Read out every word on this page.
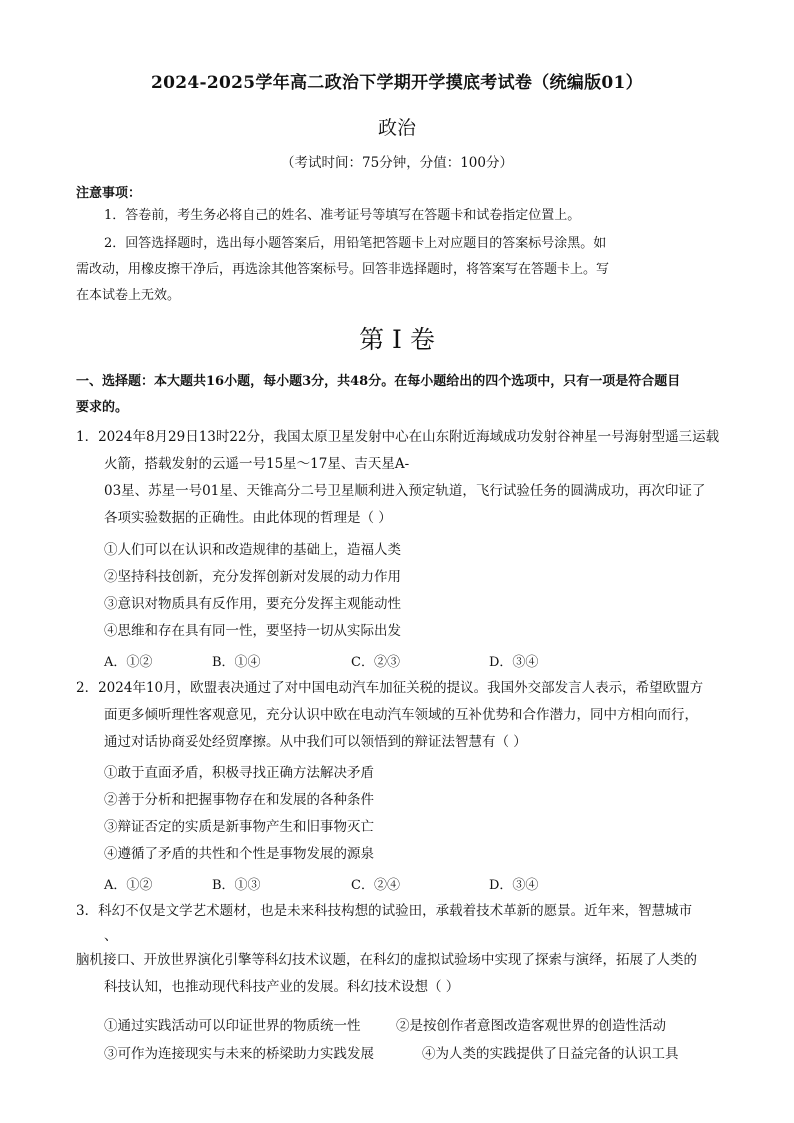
2024-2025学年高二政治下学期开学摸底考试卷（统编版01）
政治
（考试时间：75分钟，分值：100分）
注意事项：
1．答卷前，考生务必将自己的姓名、准考证号等填写在答题卡和试卷指定位置上。
2．回答选择题时，选出每小题答案后，用铅笔把答题卡上对应题目的答案标号涂黑。如
需改动，用橡皮擦干净后，再选涂其他答案标号。回答非选择题时，将答案写在答题卡上。写
在本试卷上无效。
第 I 卷
一、选择题：本大题共16小题，每小题3分，共48分。在每小题给出的四个选项中，只有一项是符合题目
要求的。
1．2024年8月29日13时22分，我国太原卫星发射中心在山东附近海域成功发射谷神星一号海射型遥三运载
火箭，搭载发射的云遥一号15星～17星、吉天星A-
03星、苏星一号01星、天锥高分二号卫星顺利进入预定轨道，飞行试验任务的圆满成功，再次印证了
各项实验数据的正确性。由此体现的哲理是（ ）
①人们可以在认识和改造规律的基础上，造福人类
②坚持科技创新，充分发挥创新对发展的动力作用
③意识对物质具有反作用，要充分发挥主观能动性
④思维和存在具有同一性，要坚持一切从实际出发
A．①②	B．①④	C．②③	D．③④
2．2024年10月，欧盟表决通过了对中国电动汽车加征关税的提议。我国外交部发言人表示，希望欧盟方
面更多倾听理性客观意见，充分认识中欧在电动汽车领域的互补优势和合作潜力，同中方相向而行，
通过对话协商妥处经贸摩擦。从中我们可以领悟到的辩证法智慧有（ ）
①敢于直面矛盾，积极寻找正确方法解决矛盾
②善于分析和把握事物存在和发展的各种条件
③辩证否定的实质是新事物产生和旧事物灭亡
④遵循了矛盾的共性和个性是事物发展的源泉
A．①②	B．①③	C．②④	D．③④
3．科幻不仅是文学艺术题材，也是未来科技构想的试验田，承载着技术革新的愿景。近年来，智慧城市
、
脑机接口、开放世界演化引擎等科幻技术议题，在科幻的虚拟试验场中实现了探索与演绎，拓展了人类的
科技认知，也推动现代科技产业的发展。科幻技术设想（ ）
①通过实践活动可以印证世界的物质统一性	②是按创作者意图改造客观世界的创造性活动
③可作为连接现实与未来的桥梁助力实践发展	④为人类的实践提供了日益完备的认识工具
